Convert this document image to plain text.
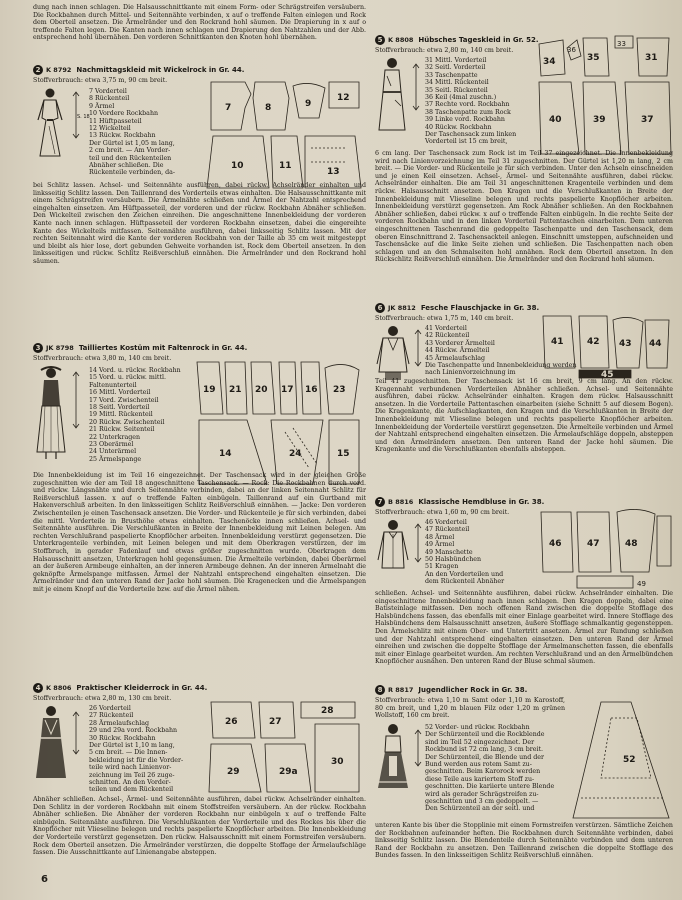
dung nach innen schlagen. Die Halsausschnittkante mit einem Form- oder Schrägstreifen versäubern. Die Rockbahnen durch Mittel- und Seitennähte verbinden, x auf o treffende Falten einlegen und Rock dem Oberteil ansetzen. Die Ärmelränder und den Rockrand hohl säumen. Die Drapierung in x auf o treffende Falten legen. Die Kanten nach innen schlagen und Drapierung den Nahtzahlen und der Abb. entsprechend hohl übernähen. Den vorderen Schnittkanten den Knoten hohl übernähen.
2 K 8792 Nachmittagskleid mit Wickelrock in Gr. 44.
Stoffverbrauch: etwa 3,75 m, 90 cm breit.
S. 18
7 Vorderteil
8 Rückenteil
9 Ärmel
10 Vordere Rockbahn
11 Hüftpasseteil
12 Wickelteil
13 Rückw. Rockbahn
Der Gürtel ist 1,05 m lang,
2 cm breit. — Am Vorder-
teil und den Rückenteilen
Abnäher schließen. Die
Rückenteile verbinden, da-
7	8	9
12
10	11
13
bei Schlitz lassen. Achsel- und Seitennähte ausführen, dabei rückw. Achselränder einhalten und linksseitig Schlitz lassen. Den Taillenrand des Vorderteils etwas einhalten. Die Halsausschnittkante mit einem Schrägstreifen versäubern. Die Ärmelnähte schließen und Ärmel der Nahtzahl entsprechend eingehalten einsetzen. Am Hüftpasseteil, der vorderen und der rückw. Rockbahn Abnäher schließen. Den Wickelteil zwischen den Zeichen einreihen. Die angeschnittene Innenbekleidung der vorderen Kante nach innen schlagen. Hüftpasseteil der vorderen Rockbahn einsetzen, dabei die eingereihte Kante des Wickelteils mitfassen. Seitennähte ausführen, dabei linksseitig Schlitz lassen. Mit der rechten Seitennaht wird die Kante der vorderen Rockbahn von der Taille ab 35 cm weit mitgesteppt und bleibt als hier lose, dort gebunden Gehweite vorhanden ist. Rock dem Oberteil ansetzen. In den linksseitigen und rückw. Schlitz Reißverschluß einnähen. Die Ärmelränder und den Rockrand hohl säumen.
3 JK 8798 Tailliertes Kostüm mit Faltenrock in Gr. 44.
Stoffverbrauch: etwa 3,80 m, 140 cm breit.
14 Vord. u. rückw. Rockbahn
15 Vord. u. rückw. mittl.
Faltenunterteil
16 Mittl. Vorderteil
17 Vord. Zwischenteil
18 Seitl. Vorderteil
19 Mittl. Rückenteil
20 Rückw. Zwischenteil
21 Rückw. Seitenteil
22 Unterkragen
23 Oberärmel
24 Unterärmel
25 Ärmelspange
19 21 20 17 16 23
14	24	15
Die Innenbekleidung ist im Teil 16 eingezeichnet. Der Taschensack wird in der gleichen Größe zugeschnitten wie der am Teil 18 angeschnittene Taschensack. — Rock: Die Rockbahnen durch vord. und rückw. Längsnähte und durch Seitennähte verbinden, dabei an der linken Seitennaht Schlitz für Reißverschluß lassen. x auf o treffende Falten einbügeln. Taillenrand auf ein Gurtband mit Hakenverschluß arbeiten. In den linksseitigen Schlitz Reißverschluß einnähen. — Jacke: Den vorderen Zwischenteilen je einen Taschensack ansetzen. Die Vorder- und Rückenteile je für sich verbinden, dabei die mittl. Vorderteile in Brusthöhe etwas einhalten. Taschenöcke innen schließen. Achsel- und Seitennähte ausführen. Die Verschlußkanten in Breite der Innenbekleidung mit Leinen belegen. Am rechten Verschlußrand paspelierte Knopflöcher arbeiten. Innenbekleidung verstürzt gegensetzen. Die Unterkragenteile verbinden, mit Leinen belegen und mit dem Oberkragen verstürzen, der im Stoffbruch, in gerader Fadenlauf und etwas größer zugeschnitten wurde. Oberkragen dem Halsausschnitt ansetzen, Unterkragen hohl gegensäumen. Die Ärmelteile verbinden, dabei Oberärmel an der äußeren Armbeuge einhalten, an der inneren Armbeuge dehnen. An der inneren Ärmelnaht die geknöpfte Ärmelspange mitfassen. Ärmel der Nahtzahl entsprechend eingehalten einsetzen. Die Ärmelränder und den unteren Rand der Jacke hohl säumen. Die Kragenecken und die Ärmelspangen mit je einem Knopf auf die Vorderteile bzw. auf die Ärmel nähen.
4 K 8806 Praktischer Kleiderrock in Gr. 44.
Stoffverbrauch: etwa 2,80 m, 130 cm breit.
26 Vorderteil
27 Rückenteil
28 Ärmelaufschlag
29 und 29a vord. Rockbahn
30 Rückw. Rockbahn
Der Gürtel ist 1,10 m lang,
5 cm breit. — Die Innen-
bekleidung ist für die Vorder-
teile wird nach Linienvor-
zeichnung im Teil 26 zuge-
schnitten. An den Vorder-
teilen und dem Rückenteil
26	27
28
29	29a
30
Abnäher schließen. Achsel-, Ärmel- und Seitennähte ausführen, dabei rückw. Achselränder einhalten. Den Schlitz in der vorderen Rockbahn mit einem Stoffstreifen versäubern. An der rückw. Rockbahn Abnäher schließen. Die Abnäher der vorderen Rockbahn nur einbügeln x auf o treffende Falte einbügeln. Seitennähte ausführen. Die Verschlußkanten der Vorderteile und des Rockes bis über die Knopflöcher mit Vlieseline belegen und rechts paspelierte Knopflöcher arbeiten. Die Innenbekleidung der Vorderteile verstürzt gegensetzen. Den rückw. Halsausschnitt mit einem Formstreifen versäubern. Rock dem Oberteil ansetzen. Die Ärmelränder verstürzen, die doppelte Stoffage der Ärmelaufschläge fassen. Die Ausschnittkante auf Linienangabe absteppen.
5 K 8808 Hübsches Tageskleid in Gr. 52.
Stoffverbrauch: etwa 2,80 m, 140 cm breit.
31 Mittl. Vorderteil
32 Seitl. Vorderteil
33 Taschenpatte
34 Mittl. Rückenteil
35 Seitl. Rückenteil
36 Keil (4mal zuschn.)
37 Rechte vord. Rockbahn
38 Taschenpatte zum Rock
39 Linke vord. Rockbahn
40 Rückw. Rockbahn
Der Taschensack zum linken
Vorderteil ist 15 cm breit,
34
36
35
33
31
40	39	37
6 cm lang. Der Taschensack zum Rock ist im Teil 37 eingezeichnet. Die Innenbekleidung wird nach Linienvorzeichnung im Teil 31 zugeschnitten. Der Gürtel ist 1,20 m lang, 2 cm breit. — Die Vorder- und Rückenteile je für sich verbinden. Unter den Achseln einschneiden und je einen Keil einsetzen. Achsel-, Ärmel- und Seitennähte ausführen, dabei rückw. Achselränder einhalten. Die am Teil 31 angeschnittenen Kragenteile verbinden und dem rückw. Halsausschnitt ansetzen. Den Kragen und die Verschlußkanten in Breite der Innenbekleidung mit Vlieseline belegen und rechts paspelierte Knopflöcher arbeiten. Innenbekleidung verstürzt gegensetzen. Am Rock Abnäher schließen. An den Rockbahnen Abnäher schließen, dabei rückw. x auf o treffende Falten einbügeln. In die rechte Seite der vorderen Rockbahn und in den linken Vorderteil Pattentaschen einarbeiten. Dem unteren eingeschnittenen Taschenrand die gedoppelte Taschenpatte und den Taschensack, dem oberen Einschnittrand 2. Taschensackteil anlegen. Einschnitt umsteppen, aufschneiden und Taschensäcke auf die linke Seite ziehen und schließen. Die Taschenpatten nach oben schlagen und an den Schmalseiten hohl annähen. Rock dem Oberteil ansetzen. In den Rückschlitz Reißverschluß einnähen. Die Ärmelränder und den Rockrand hohl säumen.
6 JK 8812 Fesche Flauschjacke in Gr. 38.
Stoffverbrauch: etwa 1,75 m, 140 cm breit.
41 Vorderteil
42 Rückenteil
43 Vorderer Ärmelteil
44 Rückw. Ärmelteil
45 Ärmelaufschlag
Die Taschenpatte und Innenbekleidung werden
nach Linienvorzeichnung im
41	42 43 44
45
Teil 41 zugeschnitten. Der Taschensack ist 16 cm breit, 9 cm lang. An den rückw. Kragennaht verbundenen Vorderteilen Abnäher schließen. Achsel- und Seitennähte ausführen, dabei rückw. Achselränder einhalten. Kragen dem rückw. Halsausschnitt ansetzen. In die Vorderteile Pattentaschen einarbeiten (siehe Schnitt 5 auf diesem Bogen). Die Kragenkante, die Aufschlagkanten, den Kragen und die Verschlußkanten in Breite der Innenbekleidung mit Vlieseline belegen und rechts paspelierte Knopflöcher arbeiten. Innenbekleidung der Vorderteile verstürzt gegensetzen. Die Ärmelteile verbinden und Ärmel der Nahtzahl entsprechend eingehalten einsetzen. Die Ärmelaufschläge doppeln, absteppen und den Ärmelrändern ansetzen. Den unteren Rand der Jacke hohl säumen. Die Kragenkante und die Verschlußkanten ebenfalls absteppen.
7 B 8816 Klassische Hemdbluse in Gr. 38.
Stoffverbrauch: etwa 1,60 m, 90 cm breit.
46 Vorderteil
47 Rückenteil
48 Ärmel
49 Ärmel
49 Manschette
50 Halsbündchen
51 Kragen
An den Vorderteilen und
dem Rückenteil Abnäher
46	47	48
49
schließen. Achsel- und Seitennähte ausführen, dabei rückw. Achselränder einhalten. Die eingeschnittene Innenbekleidung nach innen schlagen. Den Kragen doppeln, dabei eine Batisteinlage mitfassen. Den noch offenen Rand zwischen die doppelte Stofflage des Halsbündchens fassen, das ebenfalls mit einer Einlage gearbeitet wird. Innere Stofflage des Halsbündchens dem Halsausschnitt ansetzen, äußere Stofflage schmalkantig gegensteppen. Den Ärmelschlitz mit einem Ober- und Untertritt ansetzen. Ärmel zur Rundung schließen und der Nahtzahl entsprechend eingehalten einsetzen. Den unteren Rand der Ärmel einreihen und zwischen die doppelte Stofflage der Ärmelmanschetten fassen, die ebenfalls mit einer Einlage gearbeitet wurden. Am rechten Verschlußrand und an den Ärmelbündchen Knopflöcher ausnähen. Den unteren Rand der Bluse schmal säumen.
8 R 8817 Jugendlicher Rock in Gr. 38.
Stoffverbrauch: etwa 1,10 m Samt oder 1,10 m Karostoff, 80 cm breit, und 1,20 m blauen Filz oder 1,20 m grünen Wollstoff, 160 cm breit.
52 Vorder- und rückw. Rockbahn
Der Schürzenteil und die Rockblende
sind im Teil 52 eingezeichnet. Der
Rockbund ist 72 cm lang, 3 cm breit.
Der Schürzenteil, die Blende und der
Bund werden aus rotem Samt zu-
geschnitten. Beim Karorock werden
diese Teile aus kariertem Stoff zu-
geschnitten. Die kariierte untere Blende
wird als gerader Schrägstreifen zu-
geschnitten und 3 cm gedoppelt. —
Den Schürzenteil an der seitl. und
52
unteren Kante bis über die Stopplinie mit einem Formstreifen verstürzen. Sämtliche Zeichen der Rockbahnen aufeinander heften. Die Rockbahnen durch Seitennähte verbinden, dabei linksseitig Schlitz lassen. Die Blendenteile durch Seitennähte verbinden und dem unteren Rand der Rockbahn zu ansetzen. Den Taillenrand zwischen die doppelte Stofflage des Bundes fassen. In den linksseitigen Schlitz Reißverschluß einnähen.
6
